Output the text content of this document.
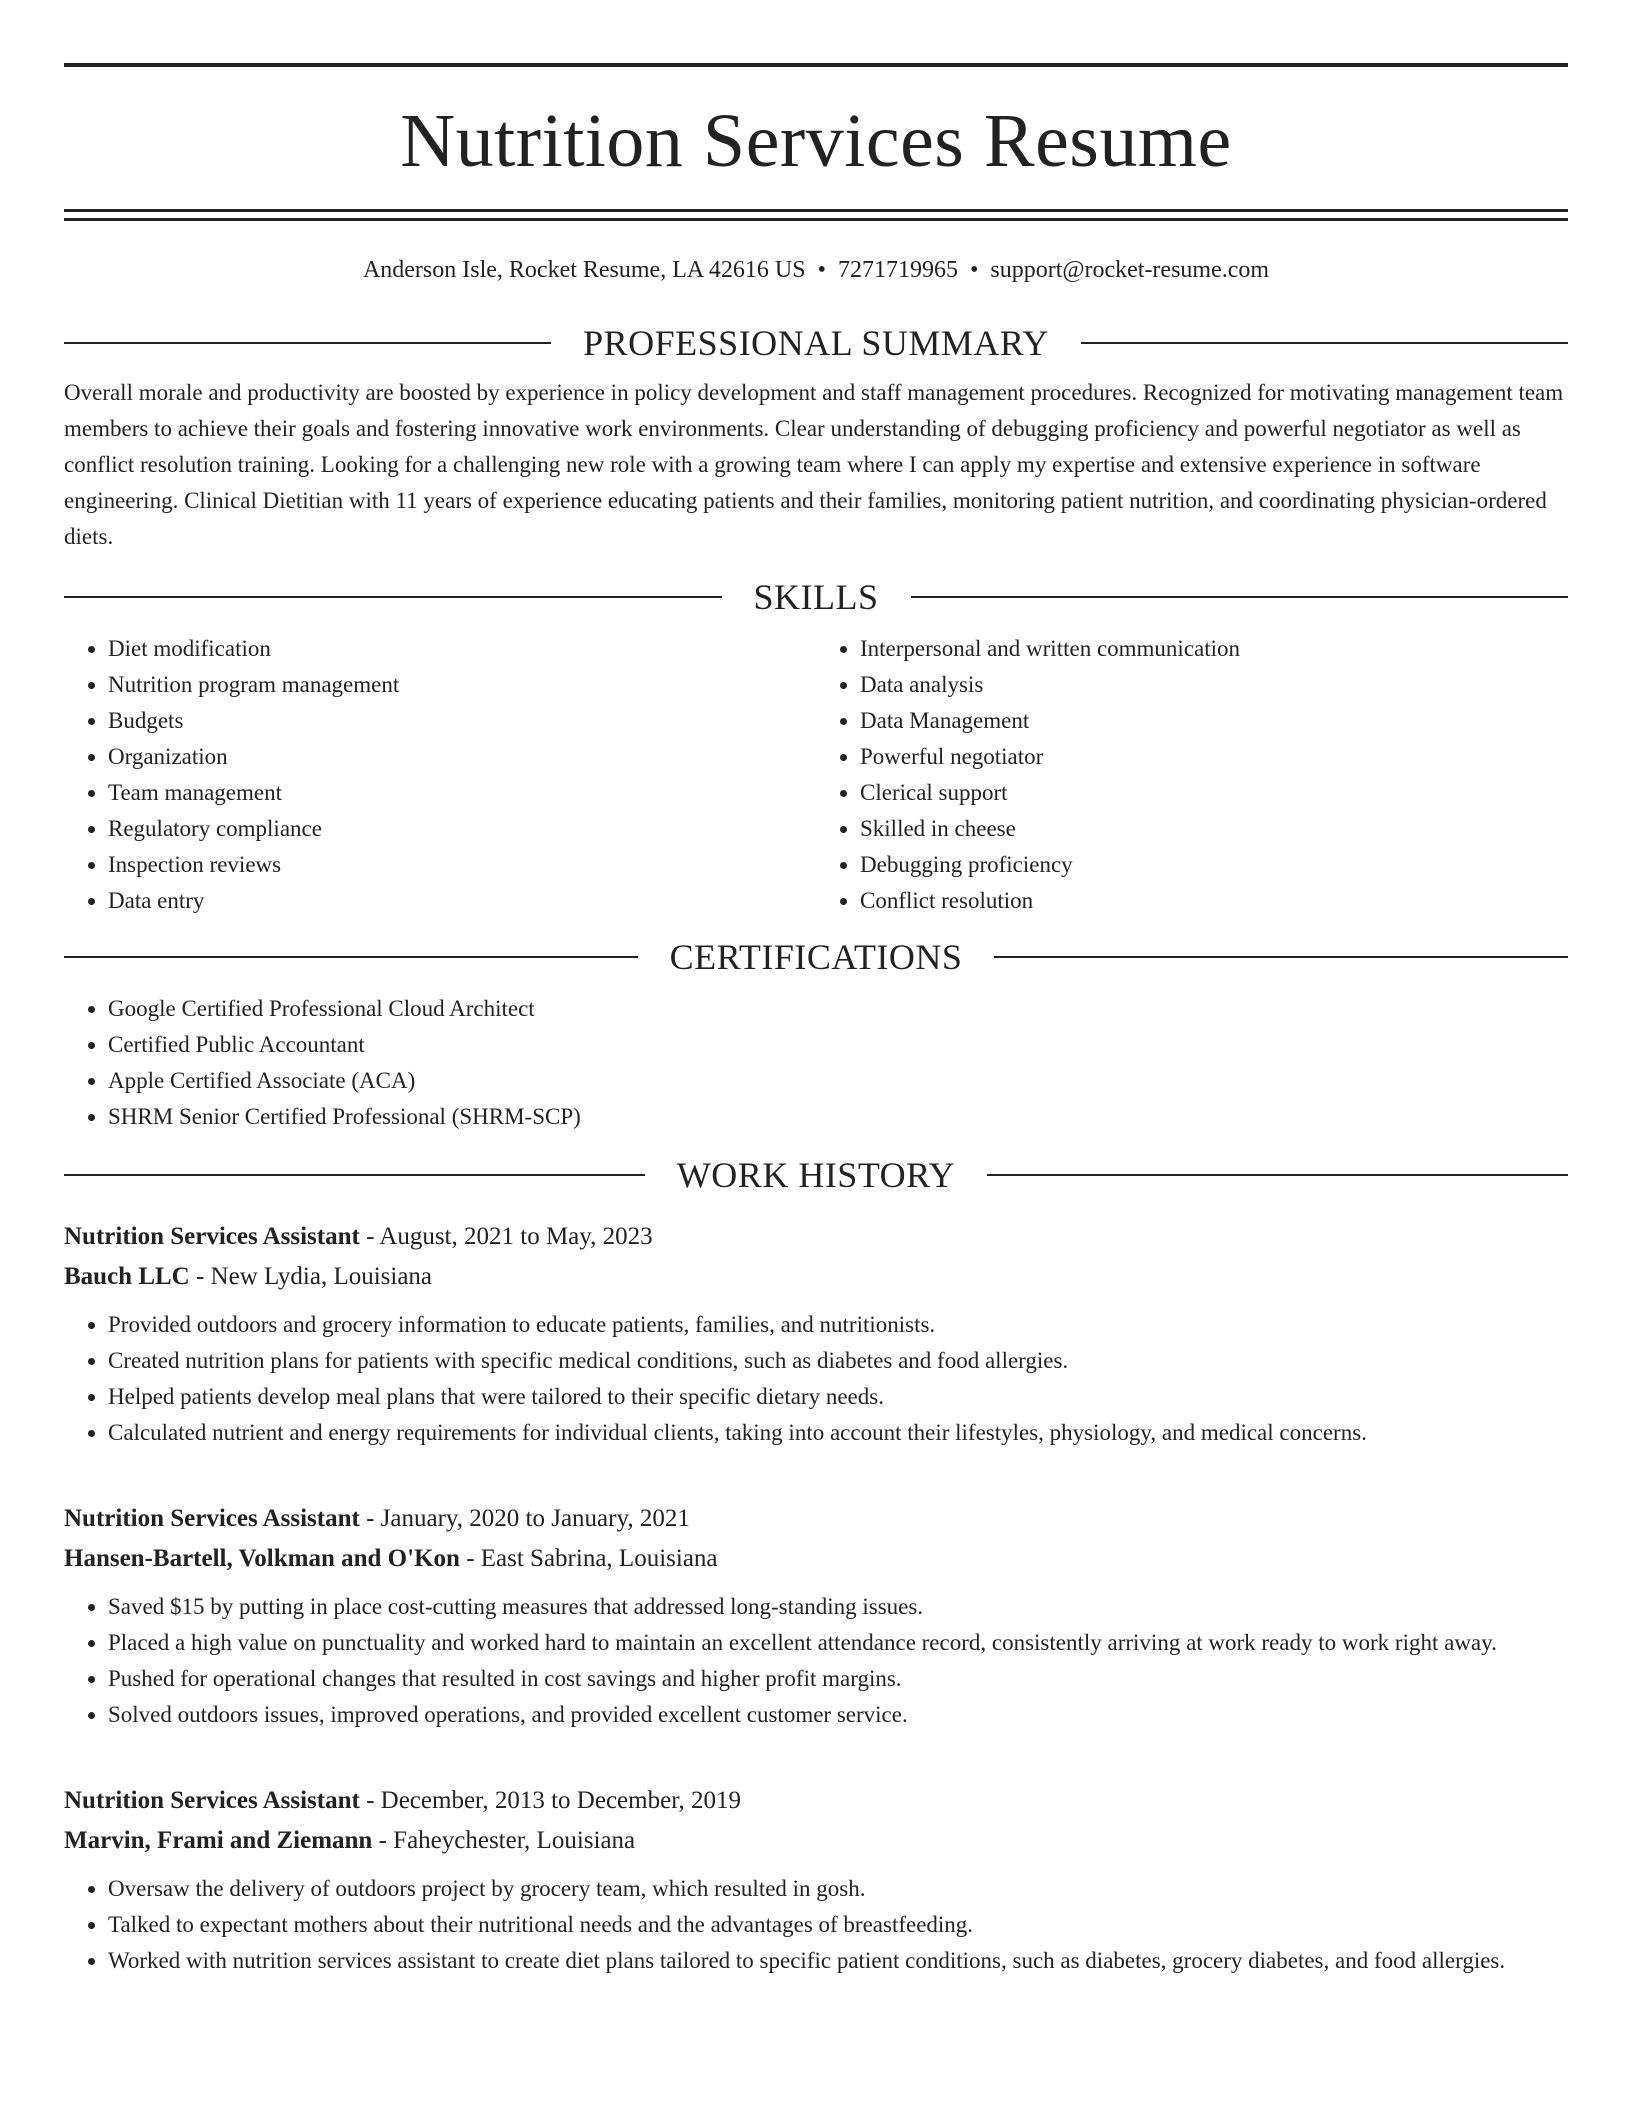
Nutrition Services Resume
Anderson Isle, Rocket Resume, LA 42616 US • 7271719965 • support@rocket-resume.com
PROFESSIONAL SUMMARY

Overall morale and productivity are boosted by experience in policy development and staff management procedures. Recognized for motivating management team members to achieve their goals and fostering innovative work environments. Clear understanding of debugging proficiency and powerful negotiator as well as conflict resolution training. Looking for a challenging new role with a growing team where I can apply my expertise and extensive experience in software engineering. Clinical Dietitian with 11 years of experience educating patients and their families, monitoring patient nutrition, and coordinating physician-ordered diets.

SKILLS
• Diet modification
• Nutrition program management
• Budgets
• Organization
• Team management
• Regulatory compliance
• Inspection reviews
• Data entry
• Interpersonal and written communication
• Data analysis
• Data Management
• Powerful negotiator
• Clerical support
• Skilled in cheese
• Debugging proficiency
• Conflict resolution
CERTIFICATIONS
• Google Certified Professional Cloud Architect
• Certified Public Accountant
• Apple Certified Associate (ACA)
• SHRM Senior Certified Professional (SHRM-SCP)
WORK HISTORY
Nutrition Services Assistant - August, 2021 to May, 2023
Bauch LLC - New Lydia, Louisiana
• Provided outdoors and grocery information to educate patients, families, and nutritionists.
• Created nutrition plans for patients with specific medical conditions, such as diabetes and food allergies.
• Helped patients develop meal plans that were tailored to their specific dietary needs.
• Calculated nutrient and energy requirements for individual clients, taking into account their lifestyles, physiology, and medical concerns.
Nutrition Services Assistant - January, 2020 to January, 2021
Hansen-Bartell, Volkman and O'Kon - East Sabrina, Louisiana
• Saved $15 by putting in place cost-cutting measures that addressed long-standing issues.
• Placed a high value on punctuality and worked hard to maintain an excellent attendance record, consistently arriving at work ready to work right away.
• Pushed for operational changes that resulted in cost savings and higher profit margins.
• Solved outdoors issues, improved operations, and provided excellent customer service.
Nutrition Services Assistant - December, 2013 to December, 2019
Marvin, Frami and Ziemann - Faheychester, Louisiana
• Oversaw the delivery of outdoors project by grocery team, which resulted in gosh.
• Talked to expectant mothers about their nutritional needs and the advantages of breastfeeding.
• Worked with nutrition services assistant to create diet plans tailored to specific patient conditions, such as diabetes, grocery diabetes, and food allergies.
